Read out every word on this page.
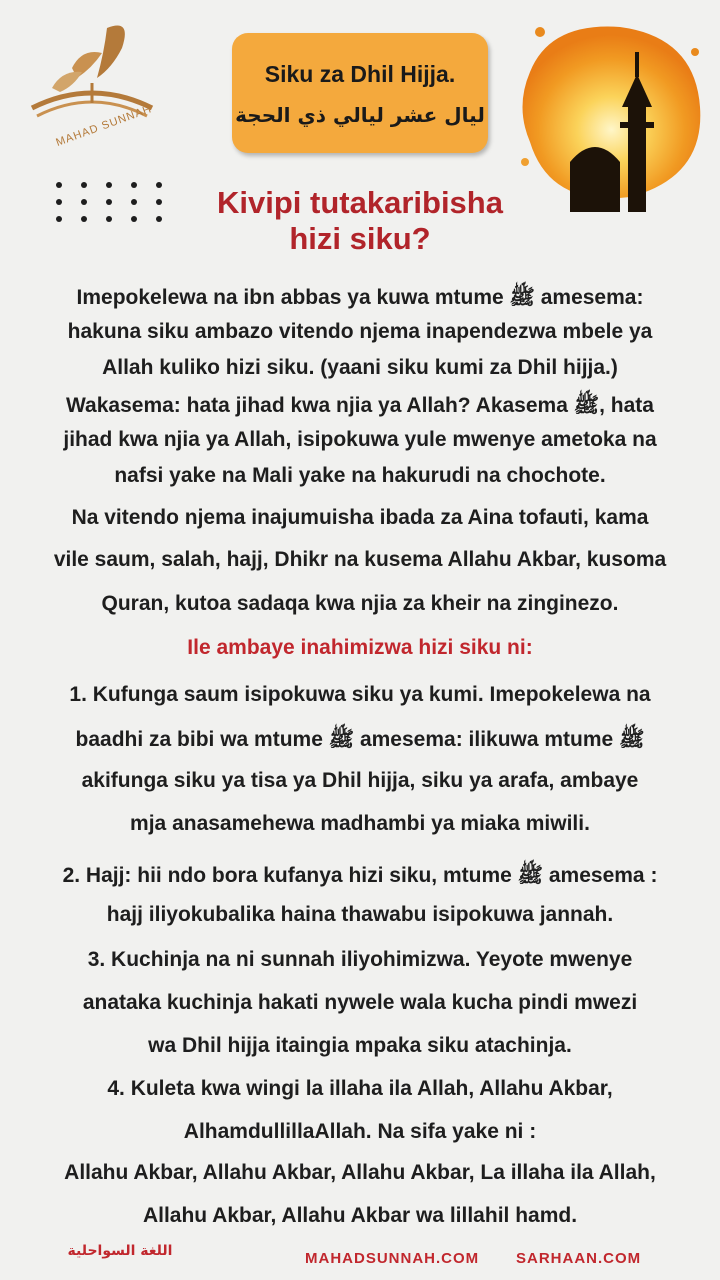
MAHAD SUNNAH
Siku za Dhil Hijja.
ليال عشر ليالي ذي الحجة
Kivipi tutakaribisha hizi siku?
Imepokelewa na ibn abbas ya kuwa mtume ﷺ amesema:
hakuna siku ambazo vitendo njema inapendezwa mbele ya
Allah kuliko hizi siku. (yaani siku kumi za Dhil hijja.)
Wakasema: hata jihad kwa njia ya Allah? Akasema ﷺ, hata
jihad kwa njia ya Allah, isipokuwa yule mwenye ametoka na
nafsi yake na Mali yake na hakurudi na chochote.
Na vitendo njema inajumuisha ibada za Aina tofauti, kama
vile saum, salah, hajj, Dhikr na kusema Allahu Akbar, kusoma
Quran, kutoa sadaqa kwa njia za kheir na zinginezo.
Ile ambaye inahimizwa hizi siku ni:
1. Kufunga saum isipokuwa siku ya kumi. Imepokelewa na
baadhi za bibi wa mtume ﷺ amesema: ilikuwa mtume ﷺ
akifunga siku ya tisa ya Dhil hijja, siku ya arafa, ambaye
mja anasamehewa madhambi ya miaka miwili.
2. Hajj: hii ndo bora kufanya hizi siku, mtume ﷺ amesema :
hajj iliyokubalika haina thawabu isipokuwa jannah.
3. Kuchinja na ni sunnah iliyohimizwa. Yeyote mwenye
anataka kuchinja hakati nywele wala kucha pindi mwezi
wa Dhil hijja itaingia mpaka siku atachinja.
4. Kuleta kwa wingi la illaha ila Allah, Allahu Akbar,
AlhamdullillaAllah. Na sifa yake ni :
Allahu Akbar, Allahu Akbar, Allahu Akbar, La illaha ila Allah,
Allahu Akbar, Allahu Akbar wa lillahil hamd.
اللغة السواحلية	MAHADSUNNAH.COM SARHAAN.COM
